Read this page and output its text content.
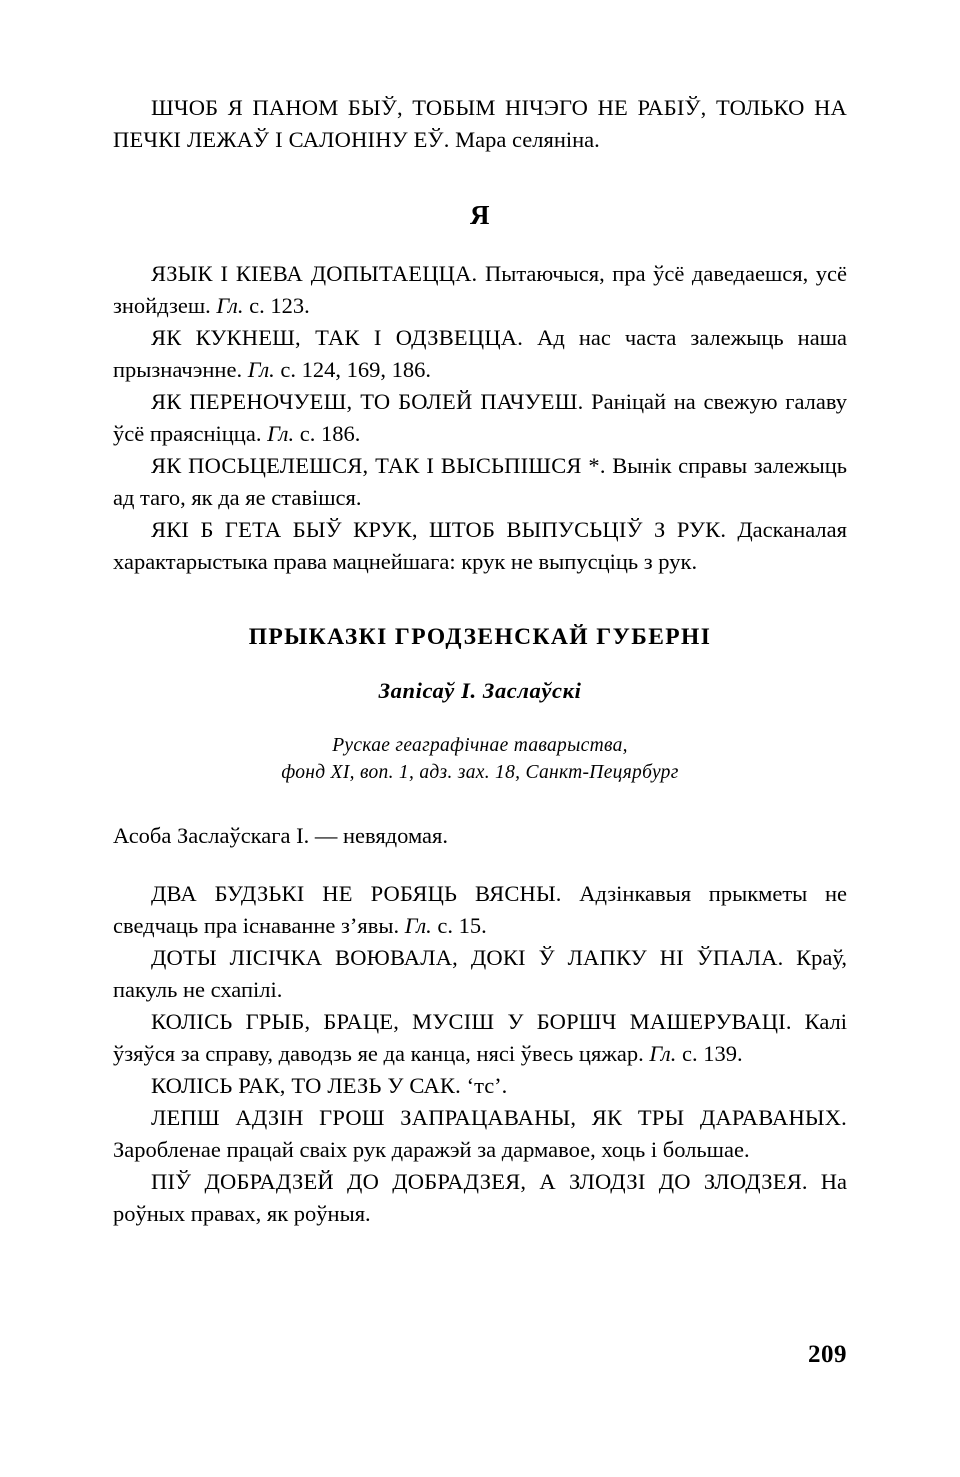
ШЧОБ Я ПАНОМ БЫЎ, ТОБЫМ НІЧЭГО НЕ РАБІЎ, ТОЛЬКО НА ПЕЧКІ ЛЕЖАЎ І САЛОНІНУ ЕЎ. Мара селяніна.

Я

ЯЗЫК І КІЕВА ДОПЫТАЕЦЦА. Пытаючыся, пра ўсё даведаешся, усё знойдзеш. Гл. с. 123.

ЯК КУКНЕШ, ТАК І ОДЗВЕЦЦА. Ад нас часта залежыць наша прызначэнне. Гл. с. 124, 169, 186.

ЯК ПЕРЕНОЧУЕШ, ТО БОЛЕЙ ПАЧУЕШ. Раніцай на свежую галаву ўсё праясніцца. Гл. с. 186.

ЯК ПОСЬЦЕЛЕШСЯ, ТАК І ВЫСЬПІШСЯ *. Вынік справы залежыць ад таго, як да яе ставішся.

ЯКІ Б ГЕТА БЫЎ КРУК, ШТОБ ВЫПУСЬЦІЎ З РУК. Дасканалая характарыстыка права мацнейшага: крук не выпусціць з рук.

ПРЫКАЗКІ ГРОДЗЕНСКАЙ ГУБЕРНІ

Запісаў І. Заслаўскі

Рускае геаграфічнае таварыства,

фонд XI, воп. 1, адз. зах. 18, Санкт-Пецярбург

Асоба Заслаўскага І. — невядомая.

ДВА БУДЗЬКІ НЕ РОБЯЦЬ ВЯСНЫ. Адзінкавыя прыкметы не сведчаць пра існаванне з’явы. Гл. с. 15.

ДОТЫ ЛІСІЧКА ВОЮВАЛА, ДОКІ Ў ЛАПКУ НІ ЎПАЛА. Краў, пакуль не схапілі.

КОЛІСЬ ГРЫБ, БРАЦЕ, МУСІШ У БОРШЧ МАШЕРУВАЦІ. Калі ўзяўся за справу, даводзь яе да канца, нясі ўвесь цяжар. Гл. с. 139.

КОЛІСЬ РАК, ТО ЛЕЗЬ У САК. ‘тс’.

ЛЕПШ АДЗІН ГРОШ ЗАПРАЦАВАНЫ, ЯК ТРЫ ДАРАВАНЫХ. Заробленае працай сваіх рук даражэй за дармавое, хоць і большае.

ПІЎ ДОБРАДЗЕЙ ДО ДОБРАДЗЕЯ, А ЗЛОДЗІ ДО ЗЛОДЗЕЯ. На роўных правах, як роўныя.

209
